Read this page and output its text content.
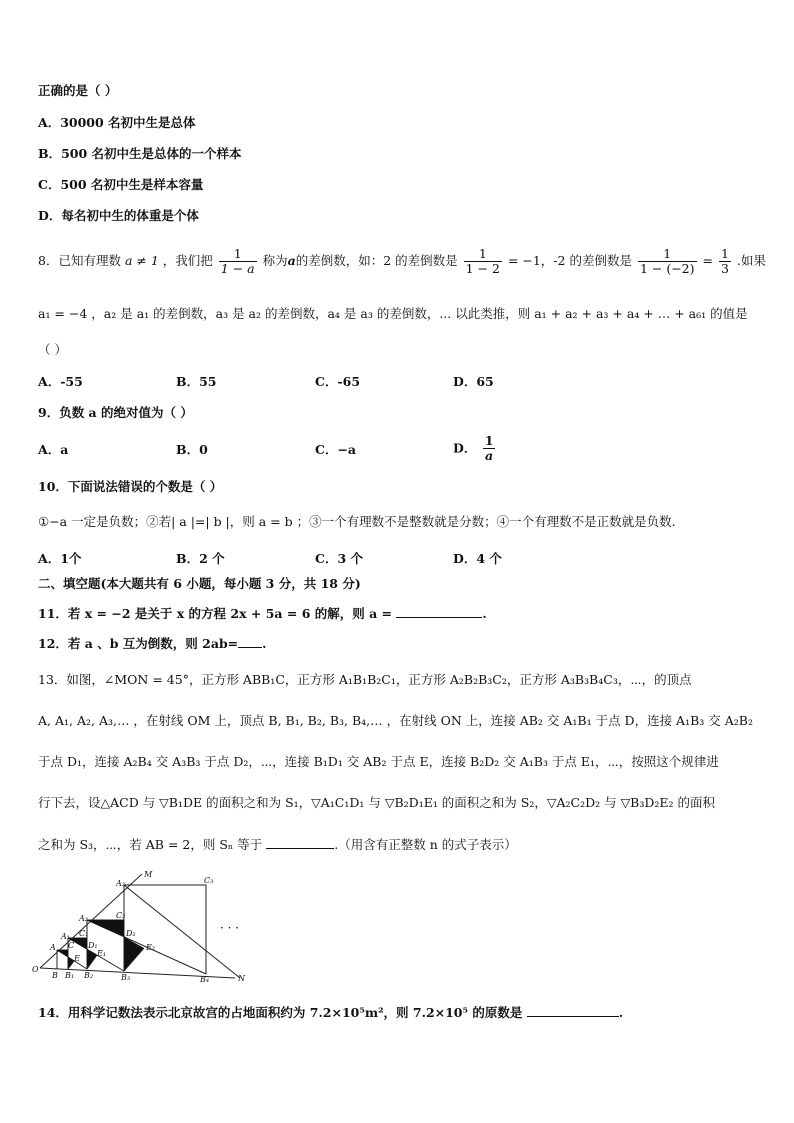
正确的是（ ）
A．30000 名初中生是总体
B．500 名初中生是总体的一个样本
C．500 名初中生是样本容量
D．每名初中生的体重是个体
8．已知有理数 a ≠ 1 ，我们把 $\frac{1}{1 - a}$ 称为a的差倒数，如：2 的差倒数是 $\frac{1}{1 - 2} = -1$，-2 的差倒数是 $\frac{1}{1 - (-2)} = \frac{1}{3}$ .如果
a₁ = −4 ，a₂ 是 a₁ 的差倒数，a₃ 是 a₂ 的差倒数，a₄ 是 a₃ 的差倒数，... 以此类推，则 a₁ + a₂ + a₃ + a₄ + … + a₆₁ 的值是
（ ）
A．-55	B．55	C．-65	D．65
9．负数 a 的绝对值为（ ）
A．a	B．0	C．−a	D． $\frac{1}{a}$
10．下面说法错误的个数是（ ）
①−a 一定是负数；②若| a |=| b |，则 a = b ；③一个有理数不是整数就是分数；④一个有理数不是正数就是负数.
A．1个	B．2 个	C．3 个	D．4 个
二、填空题(本大题共有 6 小题，每小题 3 分，共 18 分)
11．若 x = −2 是关于 x 的方程 2x + 5a = 6 的解，则 a =	.
12．若 a 、b 互为倒数，则 2ab= .
13．如图，∠MON = 45°，正方形 ABB₁C，正方形 A₁B₁B₂C₁，正方形 A₂B₂B₃C₂，正方形 A₃B₃B₄C₃，⋯，的顶点
A, A₁, A₂, A₃,… ，在射线 OM 上，顶点 B, B₁, B₂, B₃, B₄,… ，在射线 ON 上，连接 AB₂ 交 A₁B₁ 于点 D，连接 A₁B₃ 交 A₂B₂
于点 D₁，连接 A₂B₄ 交 A₃B₃ 于点 D₂，⋯，连接 B₁D₁ 交 AB₂ 于点 E，连接 B₂D₂ 交 A₁B₃ 于点 E₁，⋯，按照这个规律进
行下去，设△ACD 与 ▽B₁DE 的面积之和为 S₁，▽A₁C₁D₁ 与 ▽B₂D₁E₁ 的面积之和为 S₂，▽A₂C₂D₂ 与 ▽B₃D₂E₂ 的面积
之和为 S₃，⋯，若 AB = 2，则 Sₙ 等于	.（用含有正整数 n 的式子表示）
M
N
O
A
A₁
A₂
A₃
B B₁ B₂	B₃	B₄
C
C₁
C₂
C₃
D₁
D₂
E
E₁
E₂
· · ·
14．用科学记数法表示北京故宫的占地面积约为 7.2×10⁵m²，则 7.2×10⁵ 的原数是	.
